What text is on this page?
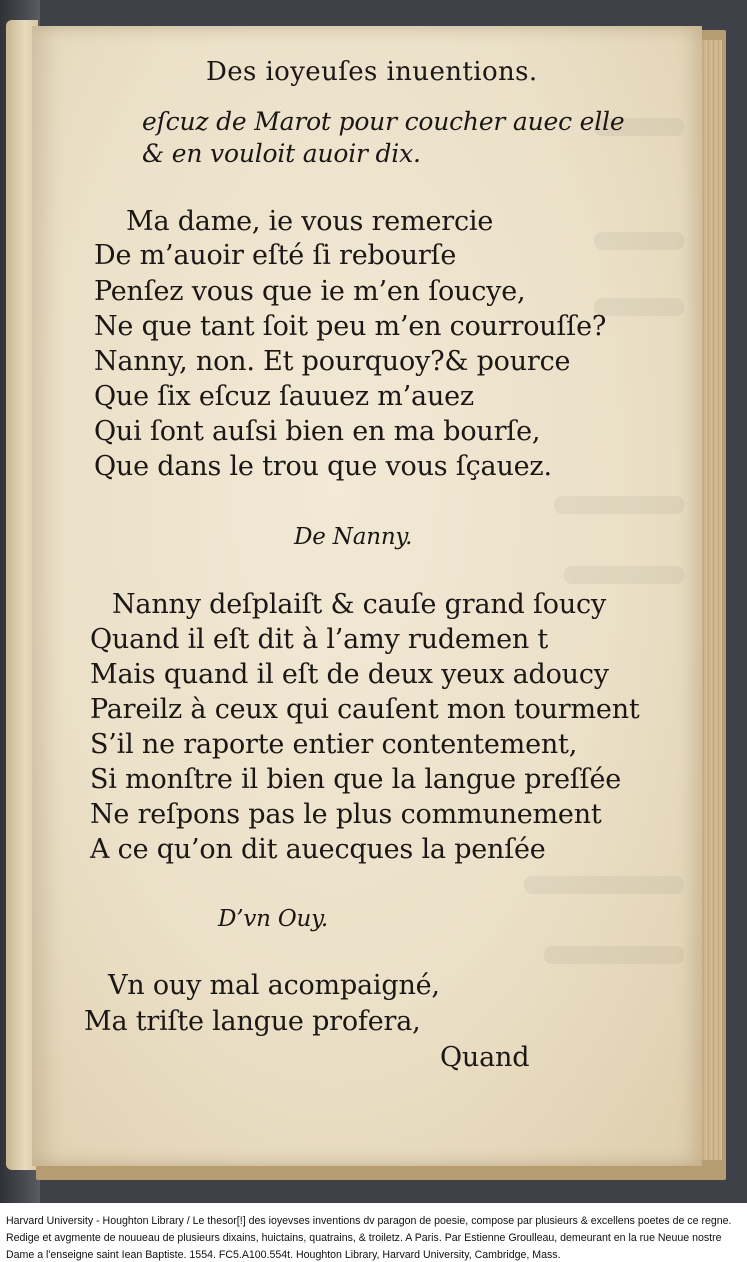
Des ioyeuſes inuentions.
eſcuz de Marot pour coucher auec elle
& en vouloit auoir dix.
Ma dame, ie vous remercie
De m’auoir eſté ſi rebourſe
Penſez vous que ie m’en ſoucye,
Ne que tant ſoit peu m’en courrouſſe?
Nanny, non. Et pourquoy?& pource
Que ſix eſcuz ſauuez m’auez
Qui ſont auſsi bien en ma bourſe,
Que dans le trou que vous ſçauez.
De Nanny.
Nanny deſplaiſt & cauſe grand ſoucy
Quand il eſt dit à l’amy rudemen t
Mais quand il eſt de deux yeux adoucy
Pareilz à ceux qui cauſent mon tourment
S’il ne raporte entier contentement,
Si monſtre il bien que la langue preſſée
Ne reſpons pas le plus communement
A ce qu’on dit auecques la penſée
D’vn Ouy.
Vn ouy mal acompaigné,
Ma triſte langue profera,
Quand
Harvard University - Houghton Library / Le thesor[!] des ioyevses inventions dv paragon de poesie, compose par plusieurs & excellens poetes de ce regne. Redige et avgmente de nouueau de plusieurs dixains, huictains, quatrains, & troiletz. A Paris. Par Estienne Groulleau, demeurant en la rue Neuue nostre Dame a l'enseigne saint Iean Baptiste. 1554. FC5.A100.554t. Houghton Library, Harvard University, Cambridge, Mass.
